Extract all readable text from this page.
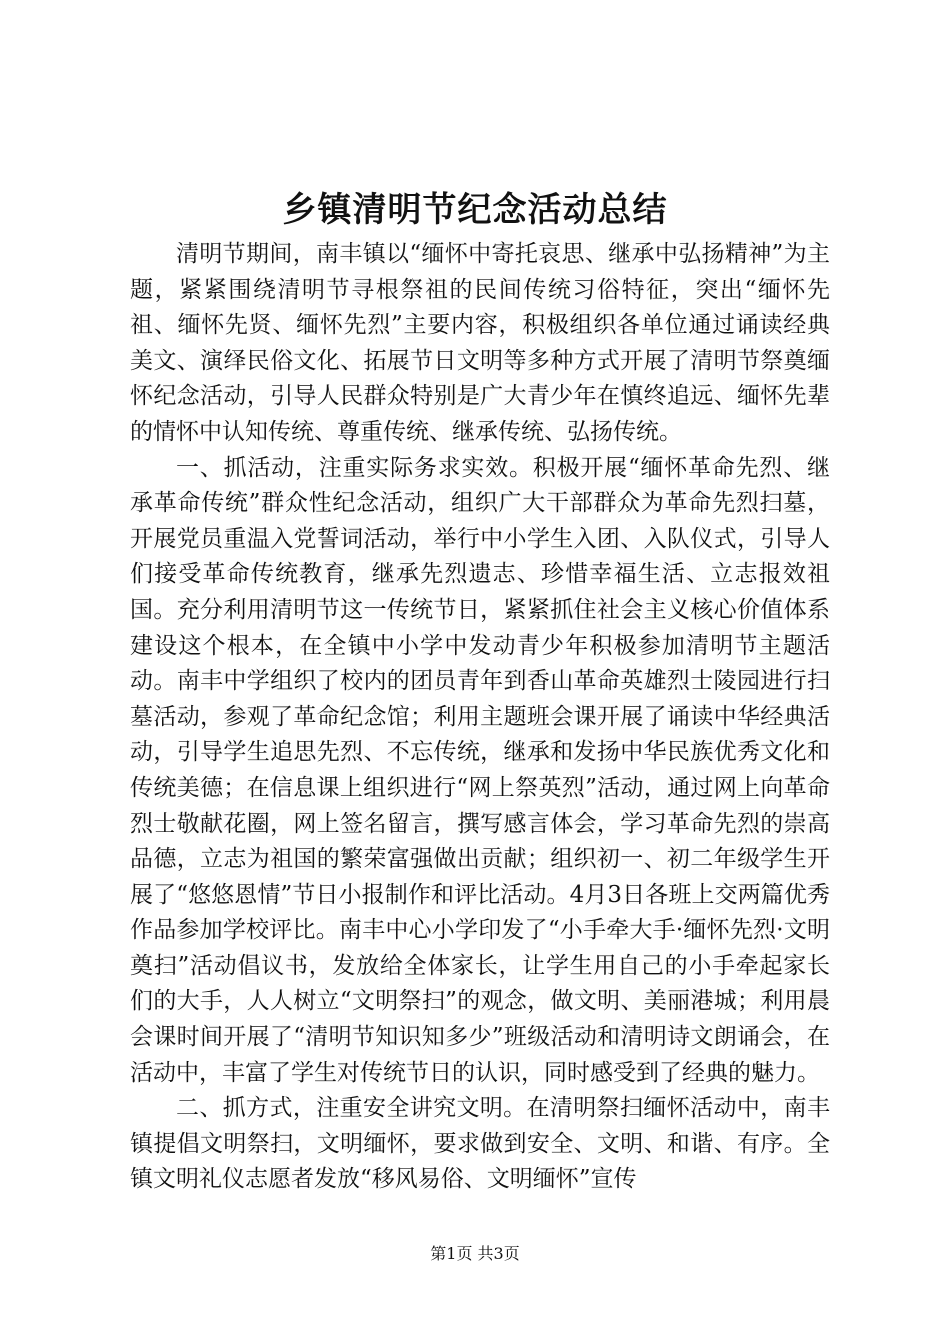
乡镇清明节纪念活动总结

清明节期间，南丰镇以“缅怀中寄托哀思、继承中弘扬精神”为主题，紧紧围绕清明节寻根祭祖的民间传统习俗特征，突出“缅怀先祖、缅怀先贤、缅怀先烈”主要内容，积极组织各单位通过诵读经典美文、演绎民俗文化、拓展节日文明等多种方式开展了清明节祭奠缅怀纪念活动，引导人民群众特别是广大青少年在慎终追远、缅怀先辈的情怀中认知传统、尊重传统、继承传统、弘扬传统。

一、抓活动，注重实际务求实效。积极开展“缅怀革命先烈、继承革命传统”群众性纪念活动，组织广大干部群众为革命先烈扫墓，开展党员重温入党誓词活动，举行中小学生入团、入队仪式，引导人们接受革命传统教育，继承先烈遗志、珍惜幸福生活、立志报效祖国。充分利用清明节这一传统节日，紧紧抓住社会主义核心价值体系建设这个根本，在全镇中小学中发动青少年积极参加清明节主题活动。南丰中学组织了校内的团员青年到香山革命英雄烈士陵园进行扫墓活动，参观了革命纪念馆；利用主题班会课开展了诵读中华经典活动，引导学生追思先烈、不忘传统，继承和发扬中华民族优秀文化和传统美德；在信息课上组织进行“网上祭英烈”活动，通过网上向革命烈士敬献花圈，网上签名留言，撰写感言体会，学习革命先烈的崇高品德，立志为祖国的繁荣富强做出贡献；组织初一、初二年级学生开展了“悠悠恩情”节日小报制作和评比活动。4月3日各班上交两篇优秀作品参加学校评比。南丰中心小学印发了“小手牵大手·缅怀先烈·文明奠扫”活动倡议书，发放给全体家长，让学生用自己的小手牵起家长们的大手，人人树立“文明祭扫”的观念，做文明、美丽港城；利用晨会课时间开展了“清明节知识知多少”班级活动和清明诗文朗诵会，在活动中，丰富了学生对传统节日的认识，同时感受到了经典的魅力。

二、抓方式，注重安全讲究文明。在清明祭扫缅怀活动中，南丰镇提倡文明祭扫，文明缅怀，要求做到安全、文明、和谐、有序。全镇文明礼仪志愿者发放“移风易俗、文明缅怀”宣传

第1页 共3页
